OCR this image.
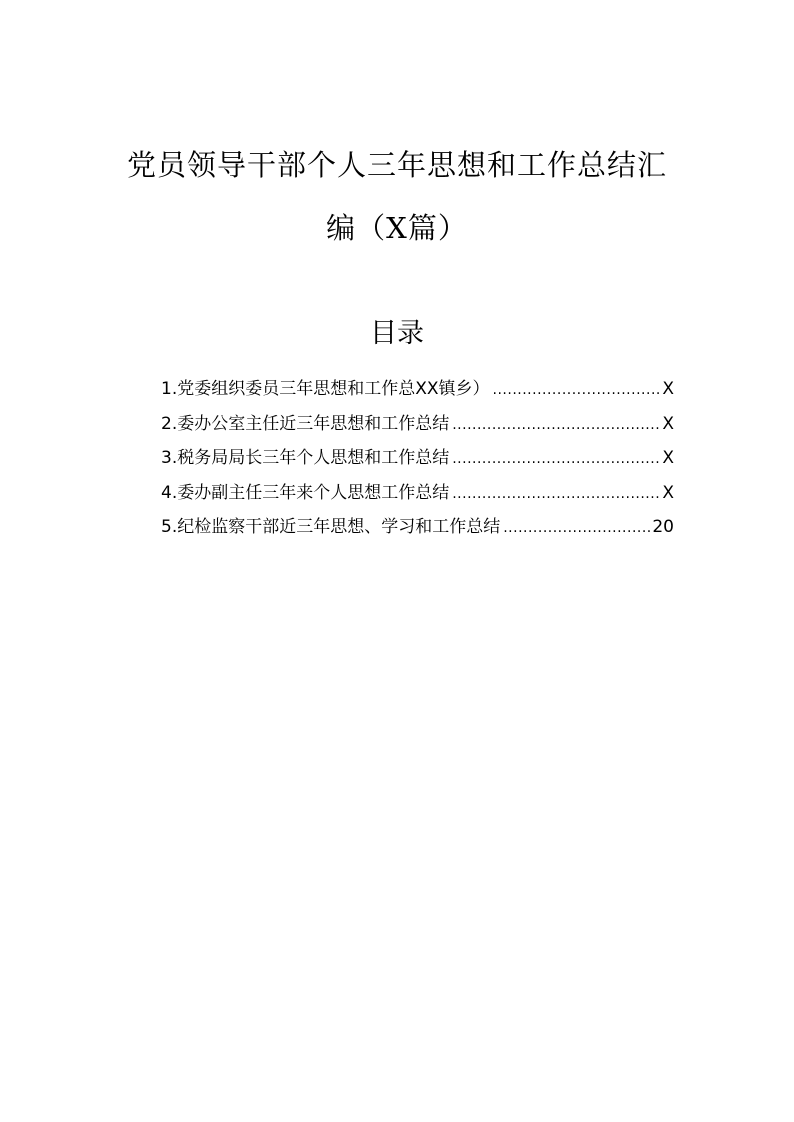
党员领导干部个人三年思想和工作总结汇
编（X篇）
目录
1. 党委组织委员三年思想和工作总XX镇乡） .....	X
2. 委办公室主任近三年思想和工作总结 .....	X
3. 税务局局长三年个人思想和工作总结 .....	X
4. 委办副主任三年来个人思想工作总结 .....	X
5. 纪检监察干部近三年思想、学习和工作总结 .....	20
